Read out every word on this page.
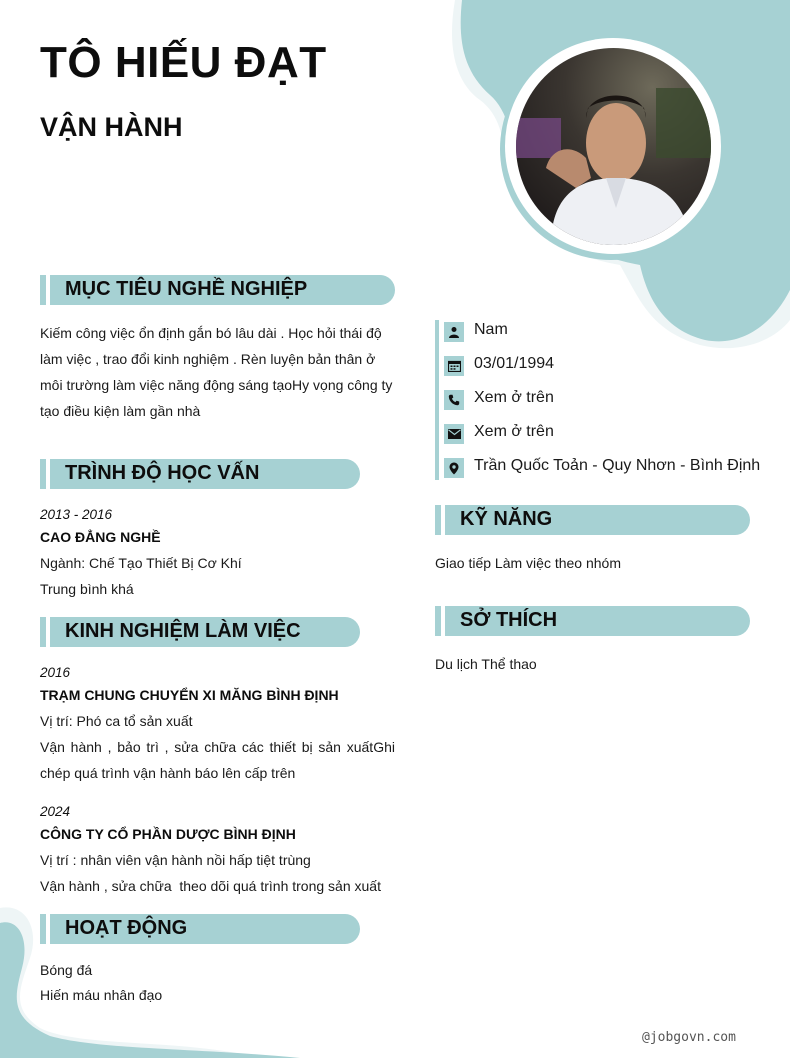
TÔ HIẾU ĐẠT
VẬN HÀNH
MỤC TIÊU NGHỀ NGHIỆP
Kiếm công việc ổn định gắn bó lâu dài . Học hỏi thái độ
làm việc , trao đổi kinh nghiệm . Rèn luyện bản thân ở
môi trường làm việc năng động sáng tạoHy vọng công ty
tạo điều kiện làm gần nhà
TRÌNH ĐỘ HỌC VẤN
2013 - 2016
CAO ĐẲNG NGHỀ
Ngành: Chế Tạo Thiết Bị Cơ Khí
Trung bình khá
KINH NGHIỆM LÀM VIỆC
2016
TRẠM CHUNG CHUYỂN XI MĂNG BÌNH ĐỊNH
Vị trí: Phó ca tổ sản xuất
Vận hành , bảo trì , sửa chữa các thiết bị sản xuấtGhi
chép quá trình vận hành báo lên cấp trên
2024
CÔNG TY CỔ PHẦN DƯỢC BÌNH ĐỊNH
Vị trí : nhân viên vận hành nồi hấp tiệt trùng
Vận hành , sửa chữa  theo dõi quá trình trong sản xuất
HOẠT ĐỘNG
Bóng đá
Hiến máu nhân đạo
Nam
03/01/1994
Xem ở trên
Xem ở trên
Trần Quốc Toản - Quy Nhơn - Bình Định
KỸ NĂNG
Giao tiếp Làm việc theo nhóm
SỞ THÍCH
Du lịch Thể thao
@jobgovn.com
